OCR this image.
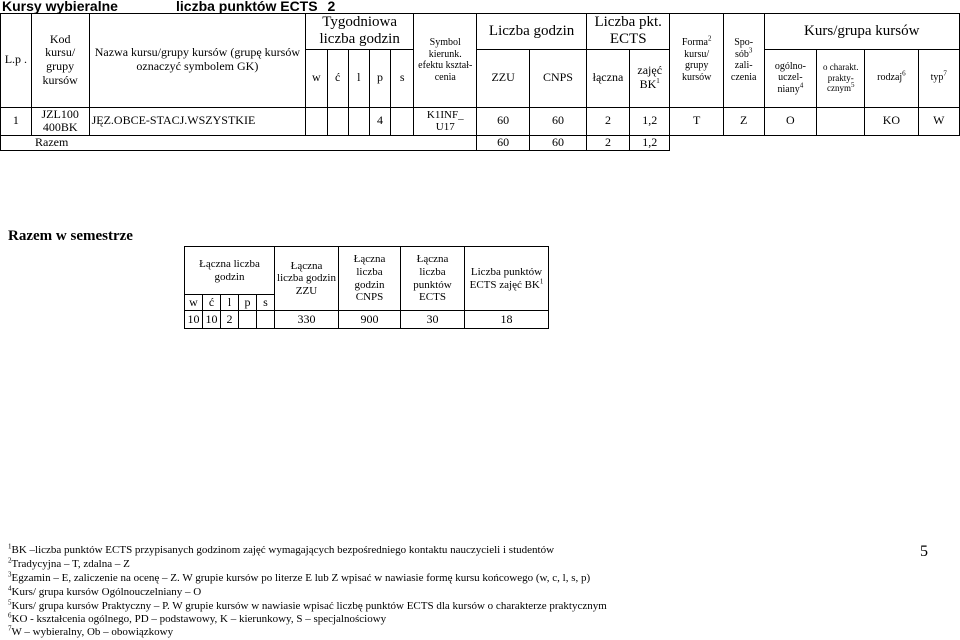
Kursy wybieralne	liczba punktów ECTS 2
L.p .	Kod kursu/ grupy kursów	Nazwa kursu/grupy kursów (grupę kursów oznaczyć symbolem GK)	Tygodniowa liczba godzin					Symbol kierunk. efektu kształ-cenia	Liczba godzin		Liczba pkt. ECTS		Forma$^2$ kursu/ grupy kursów	Spo-sób$^3$ zali-czenia	Kurs/grupa kursów			
			w	ć	l	p	s		ZZU	CNPS	łączna	zajęć $BK^1$			ogólno-uczel-niany$^4$	o charakt. prakty-cznym$^5$	rodzaj$^6$	typ$^7$
1	JZL100 400BK	JĘZ.OBCE-STACJ.WSZYSTKIE				4		K1INF_ U17	60	60	2	1,2	T	Z	O		KO	W
Razem									60	60	2	1,2						
Razem w semestrze
Łączna liczba godzin					Łączna liczba godzin ZZU	Łączna liczba godzin CNPS	Łączna liczba punktów ECTS	Liczba punktów ECTS zajęć $BK^1$
w	ć	l	p	s				
10	10	2			330	900	30	18
$^1$BK –liczba punktów ECTS przypisanych godzinom zajęć wymagających bezpośredniego kontaktu nauczycieli i studentów
$^2$Tradycyjna – T, zdalna – Z
$^3$Egzamin – E, zaliczenie na ocenę – Z. W grupie kursów po literze E lub Z wpisać w nawiasie formę kursu końcowego (w, c, l, s, p)
$^4$Kurs/ grupa kursów Ogólnouczelniany – O
$^5$Kurs/ grupa kursów Praktyczny – P. W grupie kursów w nawiasie wpisać liczbę punktów ECTS dla kursów o charakterze praktycznym
$^6$KO - kształcenia ogólnego, PD – podstawowy, K – kierunkowy, S – specjalnościowy
$^7$W – wybieralny, Ob – obowiązkowy
5
